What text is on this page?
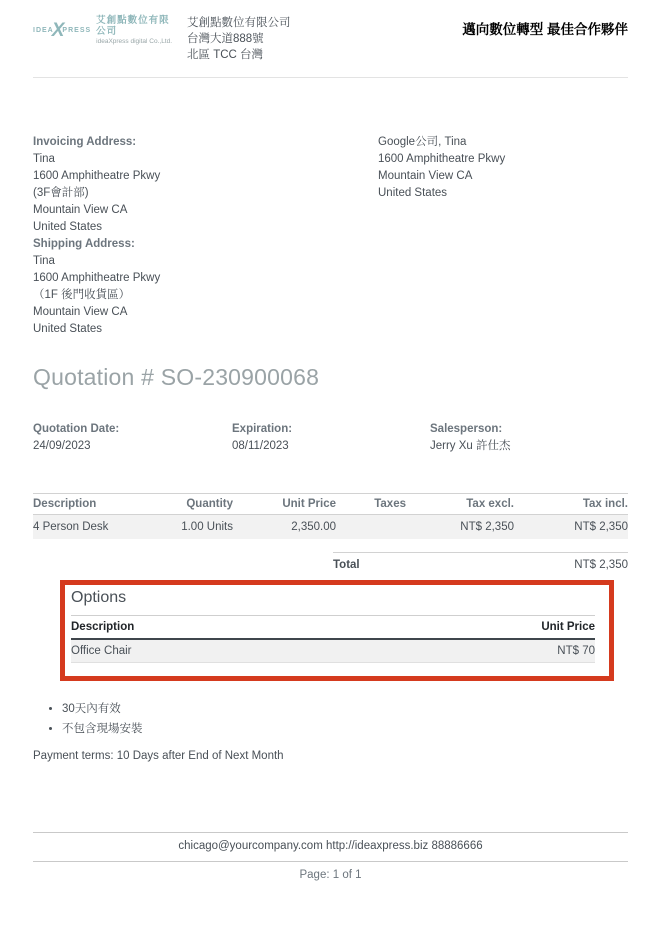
IDEA
X
PRESS
艾創點數位有限公司
ideaXpress digital Co.,Ltd.
艾創點數位有限公司
台灣大道888號
北區 TCC 台灣
邁向數位轉型 最佳合作夥伴
Invoicing Address:
Tina
1600 Amphitheatre Pkwy
(3F會計部)
Mountain View CA
United States
Shipping Address:
Tina
1600 Amphitheatre Pkwy
（1F 後門收貨區）
Mountain View CA
United States
Google公司, Tina
1600 Amphitheatre Pkwy
Mountain View CA
United States
Quotation # SO-230900068
Quotation Date:
24/09/2023
Expiration:
08/11/2023
Salesperson:
Jerry Xu 許仕杰
Description	Quantity	Unit Price	Taxes	Tax excl.	Tax incl.
4 Person Desk	1.00 Units	2,350.00		NT$ 2,350	NT$ 2,350
Total	NT$ 2,350
Options
Description	Unit Price
Office Chair	NT$ 70
• 30天內有效
• 不包含現場安裝
Payment terms: 10 Days after End of Next Month
chicago@yourcompany.com http://ideaxpress.biz 88886666
Page: 1 of 1
